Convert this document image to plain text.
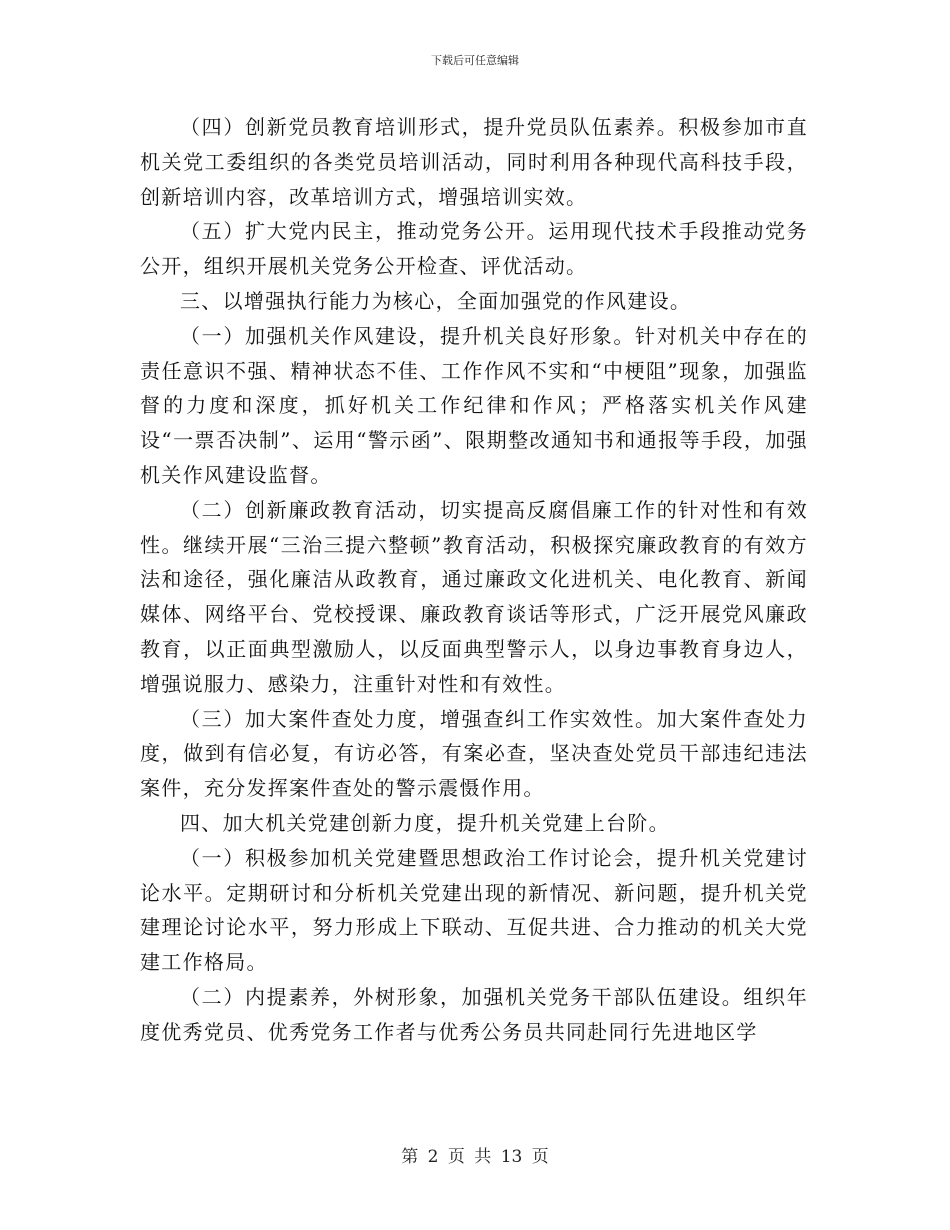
下载后可任意编辑

（四）创新党员教育培训形式，提升党员队伍素养。积极参加市直机关党工委组织的各类党员培训活动，同时利用各种现代高科技手段，创新培训内容，改革培训方式，增强培训实效。

（五）扩大党内民主，推动党务公开。运用现代技术手段推动党务公开，组织开展机关党务公开检查、评优活动。

三、以增强执行能力为核心，全面加强党的作风建设。

（一）加强机关作风建设，提升机关良好形象。针对机关中存在的责任意识不强、精神状态不佳、工作作风不实和“中梗阻”现象，加强监督的力度和深度，抓好机关工作纪律和作风；严格落实机关作风建设“一票否决制”、运用“警示函”、限期整改通知书和通报等手段，加强机关作风建设监督。

（二）创新廉政教育活动，切实提高反腐倡廉工作的针对性和有效性。继续开展“三治三提六整顿”教育活动，积极探究廉政教育的有效方法和途径，强化廉洁从政教育，通过廉政文化进机关、电化教育、新闻媒体、网络平台、党校授课、廉政教育谈话等形式，广泛开展党风廉政教育，以正面典型激励人，以反面典型警示人，以身边事教育身边人，增强说服力、感染力，注重针对性和有效性。

（三）加大案件查处力度，增强查纠工作实效性。加大案件查处力度，做到有信必复，有访必答，有案必查，坚决查处党员干部违纪违法案件，充分发挥案件查处的警示震慑作用。

四、加大机关党建创新力度，提升机关党建上台阶。

（一）积极参加机关党建暨思想政治工作讨论会，提升机关党建讨论水平。定期研讨和分析机关党建出现的新情况、新问题，提升机关党建理论讨论水平，努力形成上下联动、互促共进、合力推动的机关大党建工作格局。

（二）内提素养，外树形象，加强机关党务干部队伍建设。组织年度优秀党员、优秀党务工作者与优秀公务员共同赴同行先进地区学

第 2 页 共 13 页
